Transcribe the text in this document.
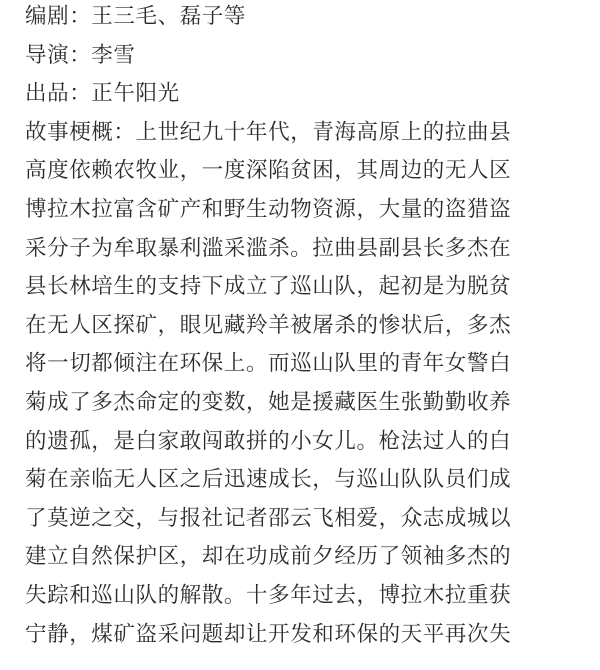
编剧：王三毛、磊子等
导演：李雪
出品：正午阳光
故事梗概：上世纪九十年代，青海高原上的拉曲县
高度依赖农牧业，一度深陷贫困，其周边的无人区
博拉木拉富含矿产和野生动物资源，大量的盗猎盗
采分子为牟取暴利滥采滥杀。拉曲县副县长多杰在
县长林培生的支持下成立了巡山队，起初是为脱贫
在无人区探矿，眼见藏羚羊被屠杀的惨状后，多杰
将一切都倾注在环保上。而巡山队里的青年女警白
菊成了多杰命定的变数，她是援藏医生张勤勤收养
的遗孤，是白家敢闯敢拼的小女儿。枪法过人的白
菊在亲临无人区之后迅速成长，与巡山队队员们成
了莫逆之交，与报社记者邵云飞相爱，众志成城以
建立自然保护区，却在功成前夕经历了领袖多杰的
失踪和巡山队的解散。十多年过去，博拉木拉重获
宁静，煤矿盗采问题却让开发和环保的天平再次失
